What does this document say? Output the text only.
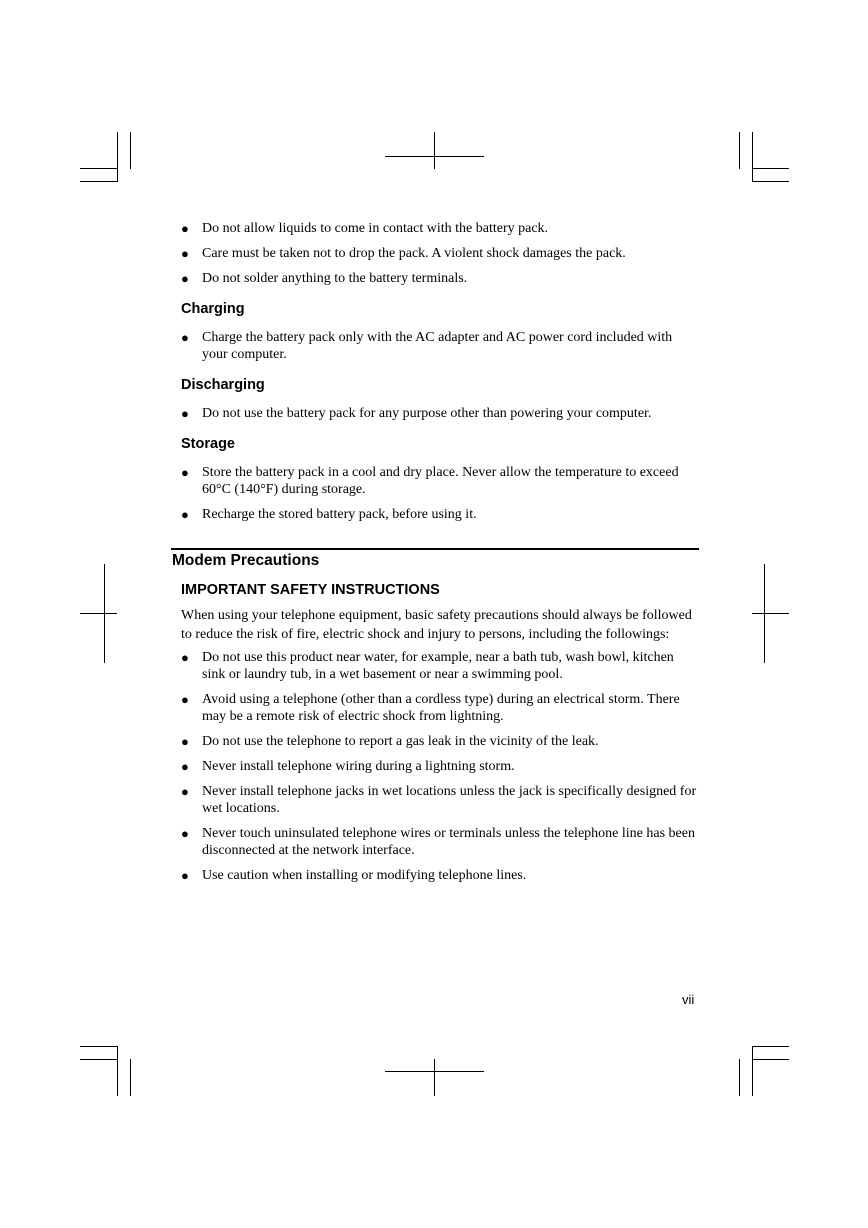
● Do not allow liquids to come in contact with the battery pack.
● Care must be taken not to drop the pack. A violent shock damages the pack.
● Do not solder anything to the battery terminals.
Charging
● Charge the battery pack only with the AC adapter and AC power cord included with your computer.
Discharging
● Do not use the battery pack for any purpose other than powering your computer.
Storage
● Store the battery pack in a cool and dry place. Never allow the temperature to exceed 60°C (140°F) during storage.
● Recharge the stored battery pack, before using it.
Modem Precautions
IMPORTANT SAFETY INSTRUCTIONS
When using your telephone equipment, basic safety precautions should always be followed to reduce the risk of fire, electric shock and injury to persons, including the followings:
● Do not use this product near water, for example, near a bath tub, wash bowl, kitchen sink or laundry tub, in a wet basement or near a swimming pool.
● Avoid using a telephone (other than a cordless type) during an electrical storm. There may be a remote risk of electric shock from lightning.
● Do not use the telephone to report a gas leak in the vicinity of the leak.
● Never install telephone wiring during a lightning storm.
● Never install telephone jacks in wet locations unless the jack is specifically designed for wet locations.
● Never touch uninsulated telephone wires or terminals unless the telephone line has been disconnected at the network interface.
● Use caution when installing or modifying telephone lines.
vii
